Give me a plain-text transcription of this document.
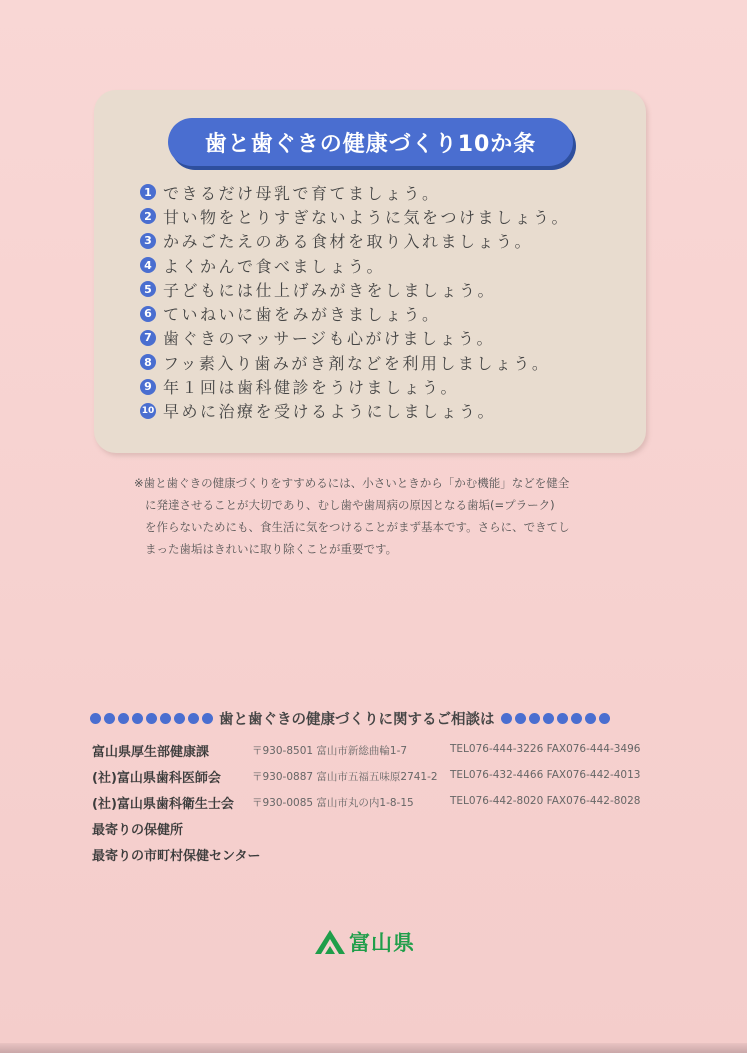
歯と歯ぐきの健康づくり10か条
1 できるだけ母乳で育てましょう。
2 甘い物をとりすぎないように気をつけましょう。
3 かみごたえのある食材を取り入れましょう。
4 よくかんで食べましょう。
5 子どもには仕上げみがきをしましょう。
6 ていねいに歯をみがきましょう。
7 歯ぐきのマッサージも心がけましょう。
8 フッ素入り歯みがき剤などを利用しましょう。
9 年１回は歯科健診をうけましょう。
10 早めに治療を受けるようにしましょう。
※歯と歯ぐきの健康づくりをすすめるには、小さいときから「かむ機能」などを健全
に発達させることが大切であり、むし歯や歯周病の原因となる歯垢(=プラーク)
を作らないためにも、食生活に気をつけることがまず基本です。さらに、できてし
まった歯垢はきれいに取り除くことが重要です。
歯と歯ぐきの健康づくりに関するご相談は
富山県厚生部健康課	〒930-8501 富山市新総曲輪1-7	TEL076-444-3226 FAX076-444-3496
(社)富山県歯科医師会	〒930-0887 富山市五福五味原2741-2 TEL076-432-4466 FAX076-442-4013
(社)富山県歯科衛生士会 〒930-0085 富山市丸の内1-8-15	TEL076-442-8020 FAX076-442-8028
最寄りの保健所
最寄りの市町村保健センター
富山県
